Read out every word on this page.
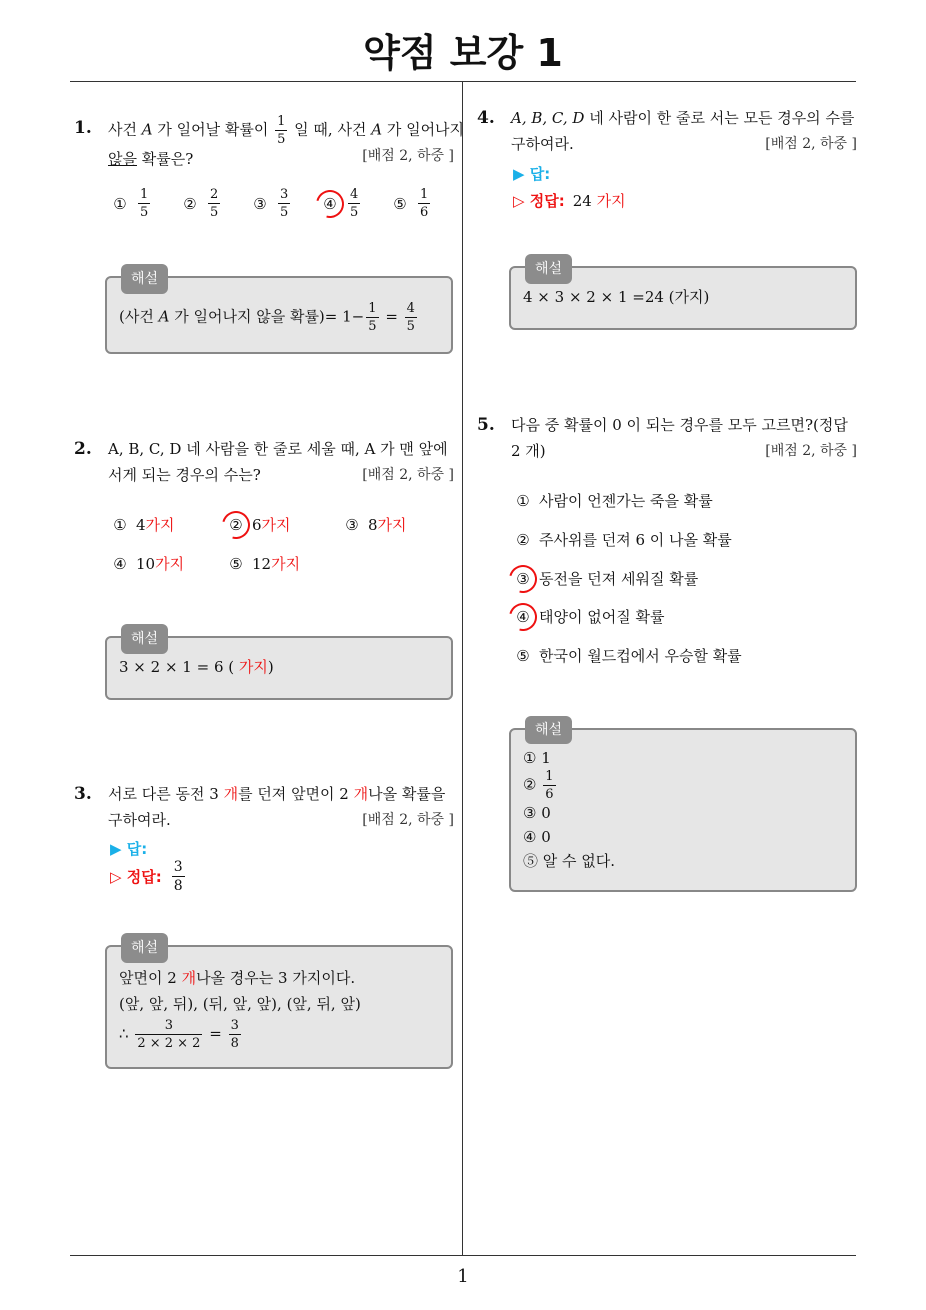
약점 보강 1
1
1. 사건 A 가 일어날 확률이 $\frac{1}{5}$ 일 때, 사건 A 가 일어나지
않을 확률은?	[배점 2, 하중 ]
① $\frac{1}{5}$ ② $\frac{2}{5}$ ③ $\frac{3}{5}$ ④ $\frac{4}{5}$ ⑤ $\frac{1}{6}$
해설
(사건 A 가 일어나지 않을 확률)= $1- \frac{1}{5} = \frac{4}{5}$
2. A, B, C, D 네 사람을 한 줄로 세울 때, A 가 맨 앞에
서게 되는 경우의 수는?	[배점 2, 하중 ]
① 4 가지	② 6 가지	③ 8 가지
④ 10 가지	⑤ 12 가지
해설
3 × 2 × 1 = 6 ( 가지)
3. 서로 다른 동전 3 개를 던져 앞면이 2 개나올 확률을
구하여라.	[배점 2, 하중 ]
▶ 답:
▷ 정답: $\frac{3}{8}$
해설
앞면이 2 개나올 경우는 3 가지이다.
(앞, 앞, 뒤), (뒤, 앞, 앞), (앞, 뒤, 앞)
∴ $\frac{3}{2 \times 2 \times 2} = \frac{3}{8}$
4. A, B, C, D 네 사람이 한 줄로 서는 모든 경우의 수를
구하여라.	[배점 2, 하중 ]
▶ 답:
▷ 정답: 24 가지
해설
4 × 3 × 2 × 1 =24 (가지)
5. 다음 중 확률이 0 이 되는 경우를 모두 고르면?(정답
2 개)	[배점 2, 하중 ]
① 사람이 언젠가는 죽을 확률
② 주사위를 던져 6 이 나올 확률
③ 동전을 던져 세워질 확률
④ 태양이 없어질 확률
⑤ 한국이 월드컵에서 우승할 확률
해설
① 1
② $\frac{1}{6}$
③ 0
④ 0
⑤ 알 수 없다.
